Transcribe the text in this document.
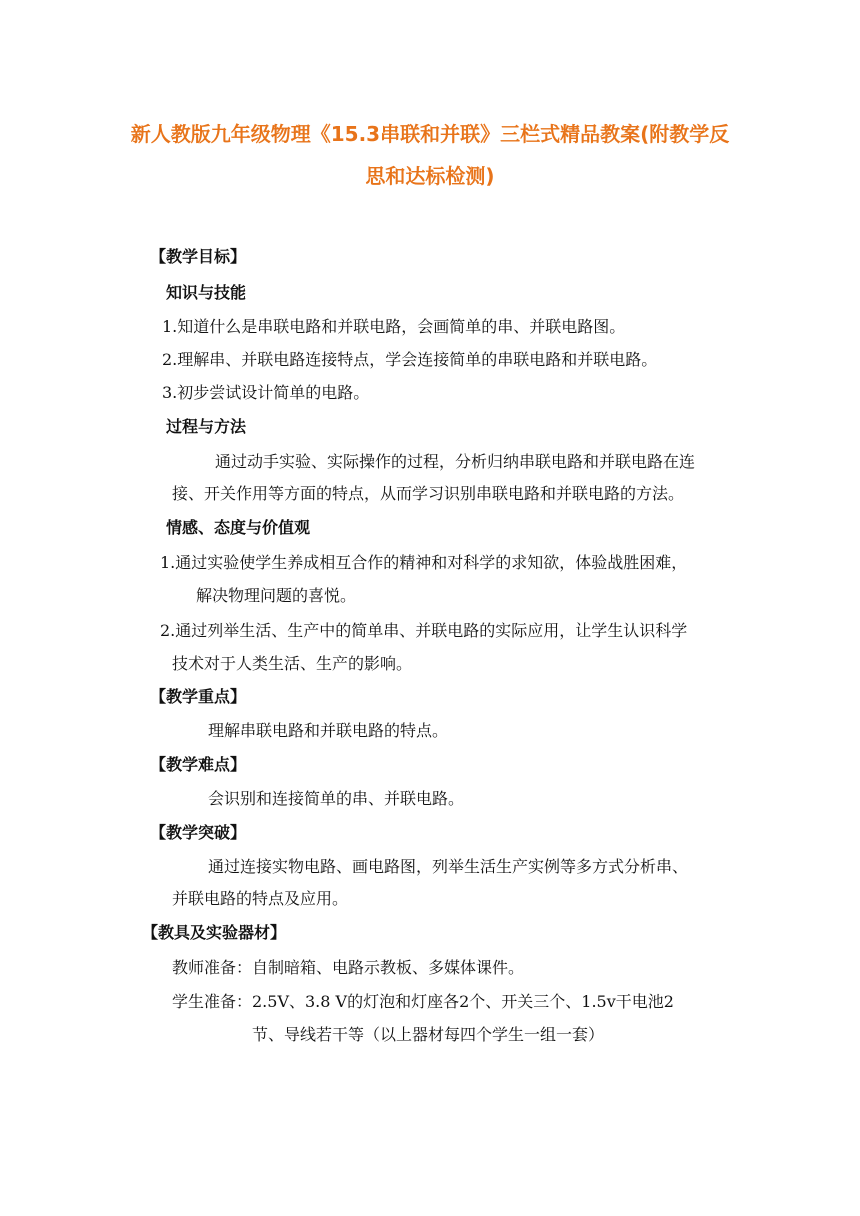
新人教版九年级物理《15.3串联和并联》三栏式精品教案(附教学反
思和达标检测)
【教学目标】
知识与技能
1.知道什么是串联电路和并联电路，会画简单的串、并联电路图。
2.理解串、并联电路连接特点，学会连接简单的串联电路和并联电路。
3.初步尝试设计简单的电路。
过程与方法
通过动手实验、实际操作的过程，分析归纳串联电路和并联电路在连
接、开关作用等方面的特点，从而学习识别串联电路和并联电路的方法。
情感、态度与价值观
1.通过实验使学生养成相互合作的精神和对科学的求知欲，体验战胜困难，
解决物理问题的喜悦。
2.通过列举生活、生产中的简单串、并联电路的实际应用，让学生认识科学
技术对于人类生活、生产的影响。
【教学重点】
理解串联电路和并联电路的特点。
【教学难点】
会识别和连接简单的串、并联电路。
【教学突破】
通过连接实物电路、画电路图，列举生活生产实例等多方式分析串、
并联电路的特点及应用。
【教具及实验器材】
教师准备：自制暗箱、电路示教板、多媒体课件。
学生准备：2.5V、3.8 V的灯泡和灯座各2个、开关三个、1.5v干电池2
节、导线若干等（以上器材每四个学生一组一套）
